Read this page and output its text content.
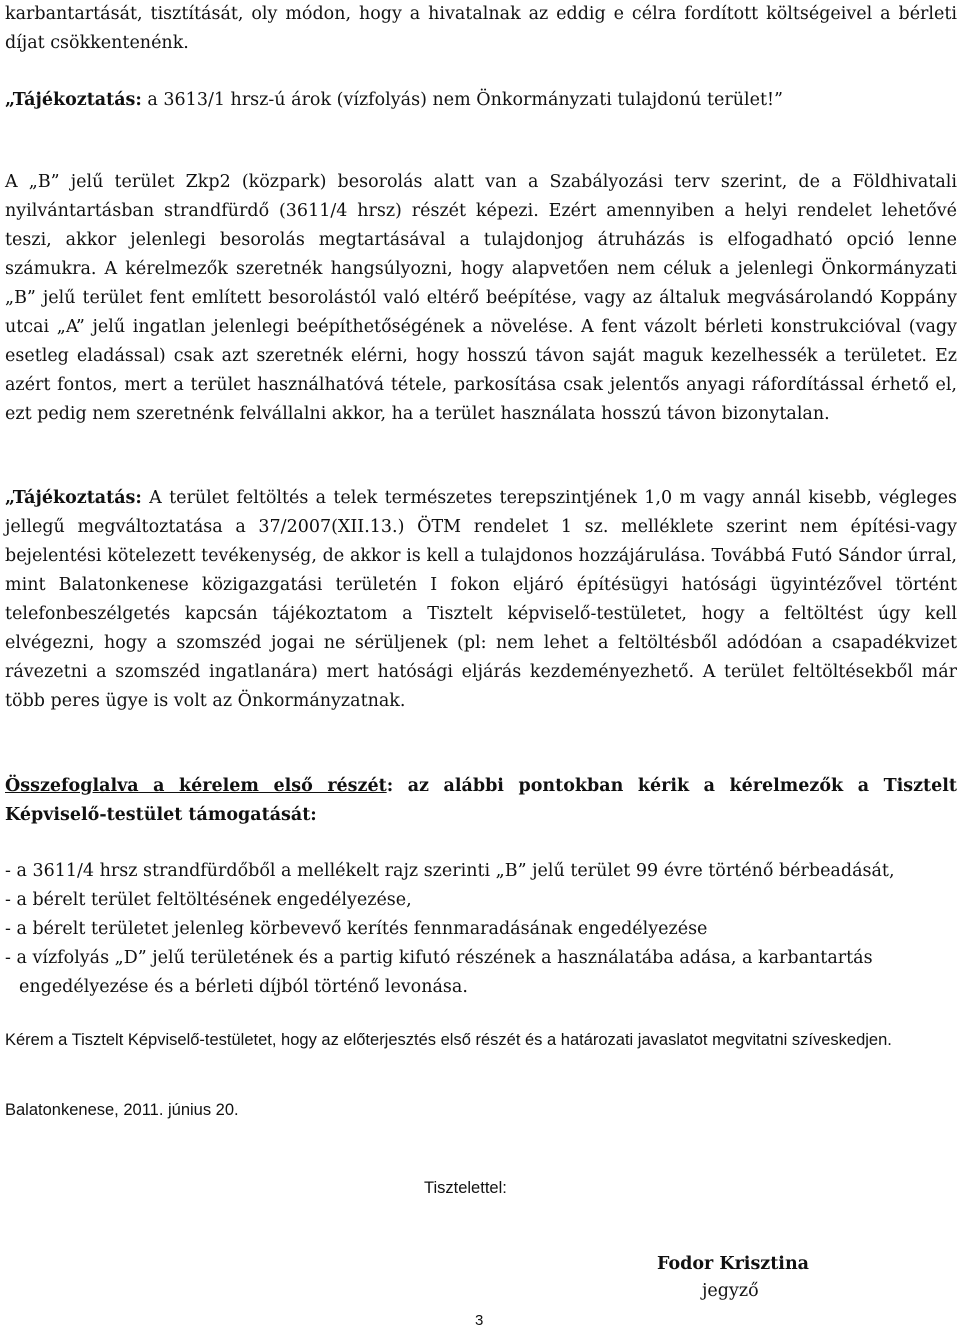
karbantartását, tisztítását, oly módon, hogy a hivatalnak az eddig e célra fordított költségeivel a bérleti díjat csökkentenénk.

„Tájékoztatás: a 3613/1 hrsz-ú árok (vízfolyás) nem Önkormányzati tulajdonú terület!”

A „B” jelű terület Zkp2 (közpark) besorolás alatt van a Szabályozási terv szerint, de a Földhivatali nyilvántartásban strandfürdő (3611/4 hrsz) részét képezi. Ezért amennyiben a helyi rendelet lehetővé teszi, akkor jelenlegi besorolás megtartásával a tulajdonjog átruházás is elfogadható opció lenne számukra. A kérelmezők szeretnék hangsúlyozni, hogy alapvetően nem céluk a jelenlegi Önkormányzati „B” jelű terület fent említett besorolástól való eltérő beépítése, vagy az általuk megvásárolandó Koppány utcai „A” jelű ingatlan jelenlegi beépíthetőségének a növelése. A fent vázolt bérleti konstrukcióval (vagy esetleg eladással) csak azt szeretnék elérni, hogy hosszú távon saját maguk kezelhessék a területet. Ez azért fontos, mert a terület használhatóvá tétele, parkosítása csak jelentős anyagi ráfordítással érhető el, ezt pedig nem szeretnénk felvállalni akkor, ha a terület használata hosszú távon bizonytalan.

„Tájékoztatás: A terület feltöltés a telek természetes terepszintjének 1,0 m vagy annál kisebb, végleges jellegű megváltoztatása a 37/2007(XII.13.) ÖTM rendelet 1 sz. melléklete szerint nem építési-vagy bejelentési kötelezett tevékenység, de akkor is kell a tulajdonos hozzájárulása. Továbbá Futó Sándor úrral, mint Balatonkenese közigazgatási területén I fokon eljáró építésügyi hatósági ügyintézővel történt telefonbeszélgetés kapcsán tájékoztatom a Tisztelt képviselő-testületet, hogy a feltöltést úgy kell elvégezni, hogy a szomszéd jogai ne sérüljenek (pl: nem lehet a feltöltésből adódóan a csapadékvizet rávezetni a szomszéd ingatlanára) mert hatósági eljárás kezdeményezhető. A terület feltöltésekből már több peres ügye is volt az Önkormányzatnak.

Összefoglalva a kérelem első részét: az alábbi pontokban kérik a kérelmezők a Tisztelt Képviselő-testület támogatását:

- a 3611/4 hrsz strandfürdőből a mellékelt rajz szerinti „B” jelű terület 99 évre történő bérbeadását,

- a bérelt terület feltöltésének engedélyezése,

- a bérelt területet jelenleg körbevevő kerítés fennmaradásának engedélyezése

- a vízfolyás „D” jelű területének és a partig kifutó részének a használatába adása, a karbantartás

engedélyezése és a bérleti díjból történő levonása.

Kérem a Tisztelt Képviselő-testületet, hogy az előterjesztés első részét és a határozati javaslatot megvitatni szíveskedjen.

Balatonkenese, 2011. június 20.

Tisztelettel:
Fodor Krisztina
jegyző
3
